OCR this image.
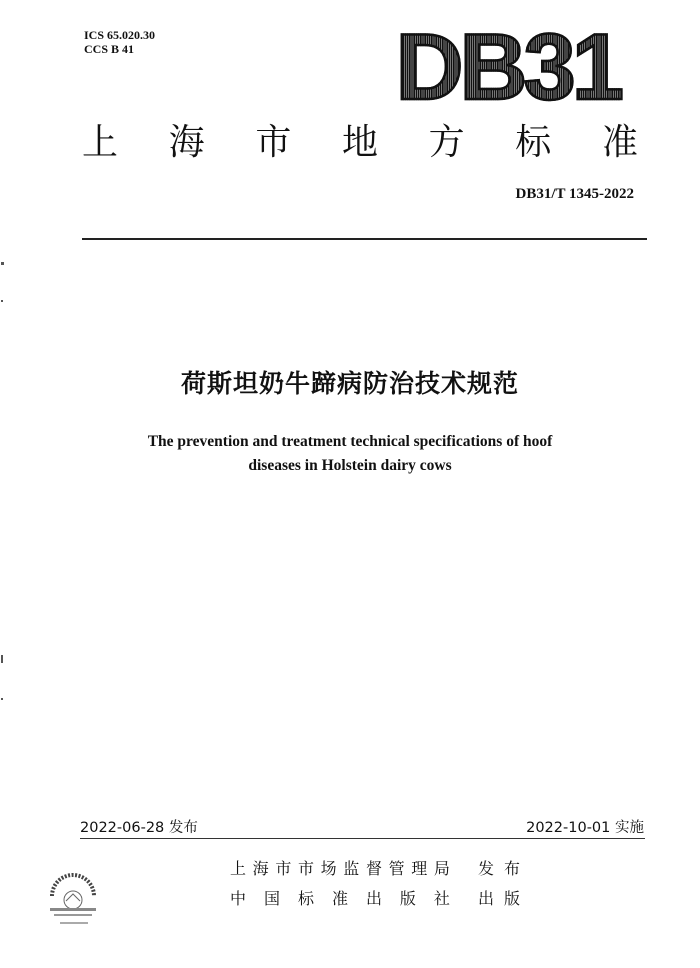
ICS 65.020.30
CCS B 41	DB31
上 海 市 地 方 标 准
DB31/T 1345-2022
荷斯坦奶牛蹄病防治技术规范
The prevention and treatment technical specifications of hoof
diseases in Holstein dairy cows
2022-06-28 发布	2022-10-01 实施
上 海 市 市 场 监 督 管 理 局 发 布
中 国 标 准 出 版 社 出 版
